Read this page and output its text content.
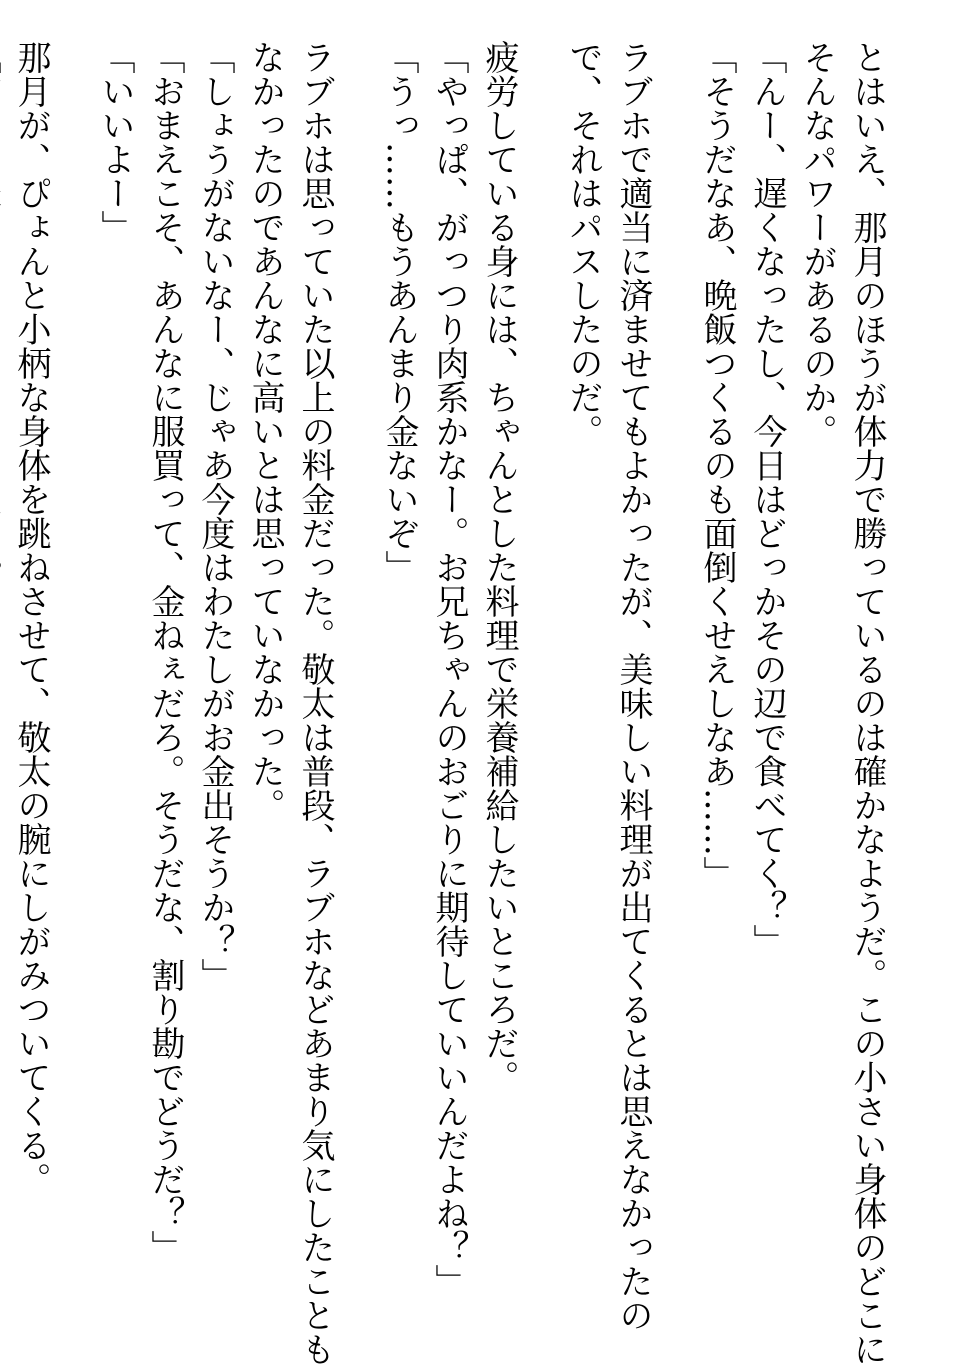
とはいえ、那月のほうが体力で勝っているのは確かなようだ。この小さい身体のどこに

そんなパワーがあるのか。

「んー、遅くなったし、今日はどっかその辺で食べてく？」

「そうだなあ、晩飯つくるのも面倒くせえしなあ……」

ラブホで適当に済ませてもよかったが、美味しい料理が出てくるとは思えなかったの

で、それはパスしたのだ。

疲労している身には、ちゃんとした料理で栄養補給したいところだ。

「やっぱ、がっつり肉系かなー。お兄ちゃんのおごりに期待していいんだよね？」

「うっ……もうあんまり金ないぞ」

ラブホは思っていた以上の料金だった。敬太は普段、ラブホなどあまり気にしたことも

なかったのであんなに高いとは思っていなかった。

「しょうがないなー、じゃあ今度はわたしがお金出そうか？」

「おまえこそ、あんなに服買って、金ねぇだろ。そうだな、割り勘でどうだ？」

「いいよー」

那月が、ぴょんと小柄な身体を跳ねさせて、敬太の腕にしがみついてくる。
